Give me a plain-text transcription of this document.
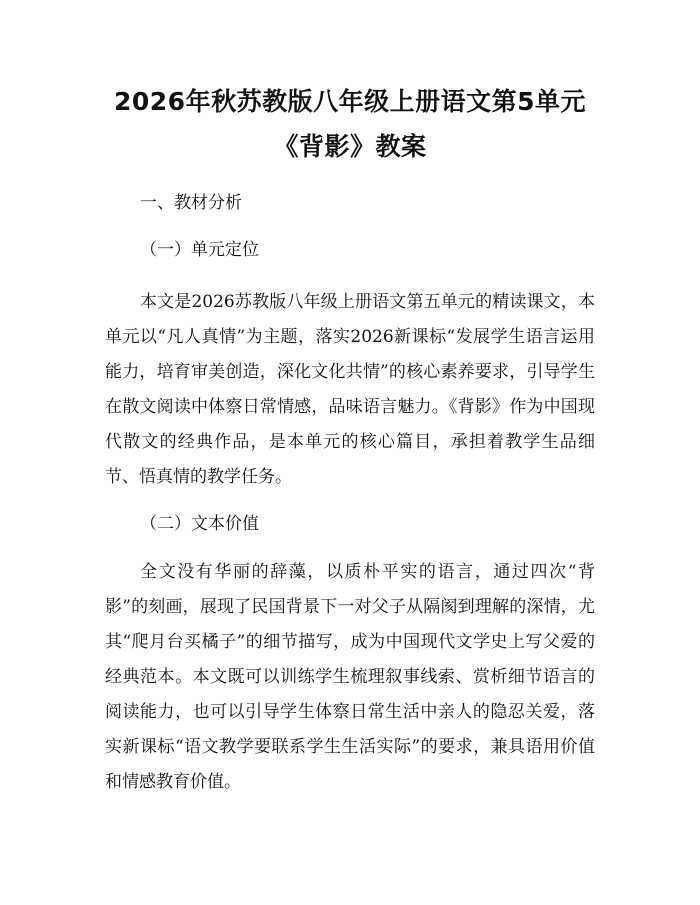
2026年秋苏教版八年级上册语文第5单元
《背影》教案
一、教材分析
（一）单元定位

本文是2026苏教版八年级上册语文第五单元的精读课文，本单元以“凡人真情”为主题，落实2026新课标“发展学生语言运用能力，培育审美创造，深化文化共情”的核心素养要求，引导学生在散文阅读中体察日常情感，品味语言魅力。《背影》作为中国现代散文的经典作品，是本单元的核心篇目，承担着教学生品细节、悟真情的教学任务。

（二）文本价值

全文没有华丽的辞藻，以质朴平实的语言，通过四次“背影”的刻画，展现了民国背景下一对父子从隔阂到理解的深情，尤其“爬月台买橘子”的细节描写，成为中国现代文学史上写父爱的经典范本。本文既可以训练学生梳理叙事线索、赏析细节语言的阅读能力，也可以引导学生体察日常生活中亲人的隐忍关爱，落实新课标“语文教学要联系学生生活实际”的要求，兼具语用价值和情感教育价值。
